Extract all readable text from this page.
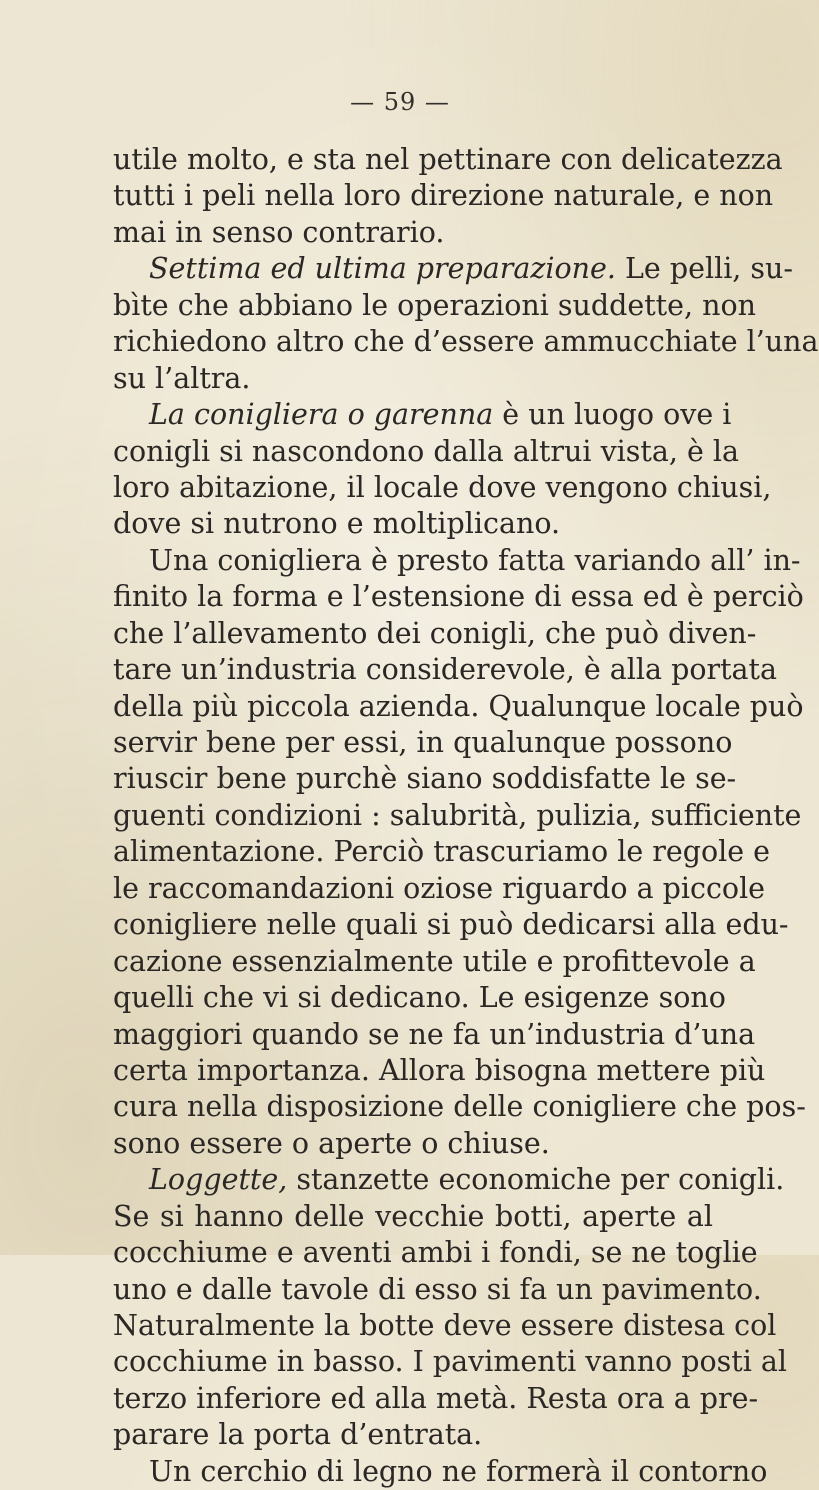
— 59 —
utile molto, e sta nel pettinare con delicatezza
tutti i peli nella loro direzione naturale, e non
mai in senso contrario.
Settima ed ultima preparazione. Le pelli, su-
bìte che abbiano le operazioni suddette, non
richiedono altro che d’essere ammucchiate l’una
su l’altra.
La conigliera o garenna è un luogo ove i
conigli si nascondono dalla altrui vista, è la
loro abitazione, il locale dove vengono chiusi,
dove si nutrono e moltiplicano.
Una conigliera è presto fatta variando all’ in-
finito la forma e l’estensione di essa ed è perciò
che l’allevamento dei conigli, che può diven-
tare un’industria considerevole, è alla portata
della più piccola azienda. Qualunque locale può
servir bene per essi, in qualunque possono
riuscir bene purchè siano soddisfatte le se-
guenti condizioni : salubrità, pulizia, sufficiente
alimentazione. Perciò trascuriamo le regole e
le raccomandazioni oziose riguardo a piccole
conigliere nelle quali si può dedicarsi alla edu-
cazione essenzialmente utile e profittevole a
quelli che vi si dedicano. Le esigenze sono
maggiori quando se ne fa un’industria d’una
certa importanza. Allora bisogna mettere più
cura nella disposizione delle conigliere che pos-
sono essere o aperte o chiuse.
Loggette, stanzette economiche per conigli.
Se si hanno delle vecchie botti, aperte al
cocchiume e aventi ambi i fondi, se ne toglie
uno e dalle tavole di esso si fa un pavimento.
Naturalmente la botte deve essere distesa col
cocchiume in basso. I pavimenti vanno posti al
terzo inferiore ed alla metà. Resta ora a pre-
parare la porta d’entrata.
Un cerchio di legno ne formerà il contorno
